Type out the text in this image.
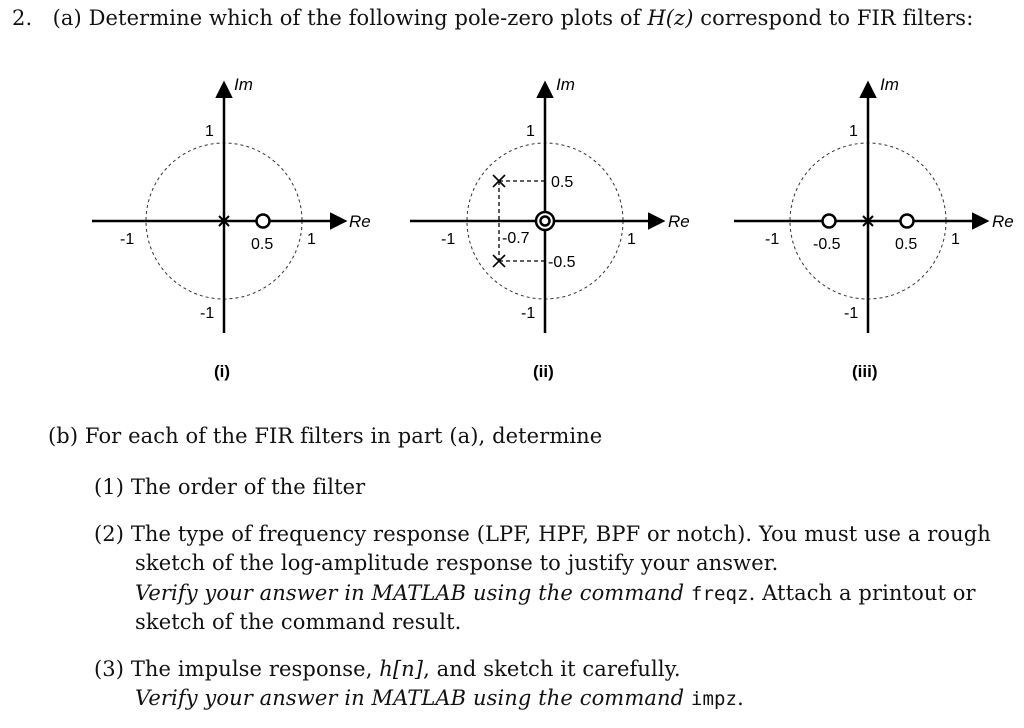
2. (a) Determine which of the following pole-zero plots of H(z) correspond to FIR filters:
Im
Re
1
-1
-1	1
0.5
(i)
Im
Re
1
-1
-1	1
0.5
-0.5
-0.7
(ii)
Im
Re
1
-1
-1	1
-0.5	0.5
(iii)
(b) For each of the FIR filters in part (a), determine
(1) The order of the filter
(2) The type of frequency response (LPF, HPF, BPF or notch). You must use a rough
sketch of the log-amplitude response to justify your answer.
Verify your answer in MATLAB using the command freqz. Attach a printout or
sketch of the command result.
(3) The impulse response, h[n], and sketch it carefully.
Verify your answer in MATLAB using the command impz.
